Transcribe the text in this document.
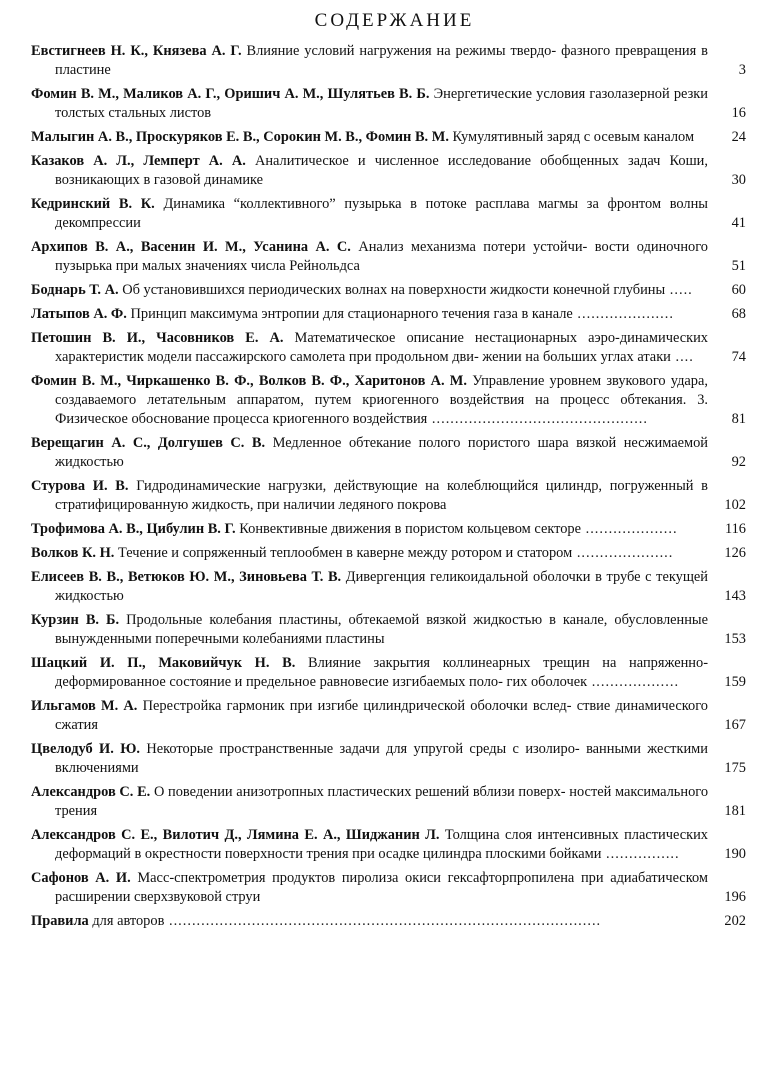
СОДЕРЖАНИЕ
Евстигнеев Н. К., Князева А. Г. Влияние условий нагружения на режимы твердо- фазного превращения в пластине	3
Фомин В. М., Маликов А. Г., Оришич А. М., Шулятьев В. Б. Энергетические условия газолазерной резки толстых стальных листов	16
Малыгин А. В., Проскуряков Е. В., Сорокин М. В., Фомин В. М. Кумулятивный заряд с осевым каналом	24
Казаков А. Л., Лемперт А. А. Аналитическое и численное исследование обобщенных задач Коши, возникающих в газовой динамике	30
Кедринский В. К. Динамика “коллективного” пузырька в потоке расплава магмы за фронтом волны декомпрессии	41
Архипов В. А., Васенин И. М., Усанина А. С. Анализ механизма потери устойчи- вости одиночного пузырька при малых значениях числа Рейнольдса	51
Боднарь Т. А. Об установившихся периодических волнах на поверхности жидкости конечной глубины .....	60
Латыпов А. Ф. Принцип максимума энтропии для стационарного течения газа в канале .....................	68
Петошин В. И., Часовников Е. А. Математическое описание нестационарных аэро-динамических характеристик модели пассажирского самолета при продольном дви- жении на больших углах атаки ....	74
Фомин В. М., Чиркашенко В. Ф., Волков В. Ф., Харитонов А. М. Управление уровнем звукового удара, создаваемого летательным аппаратом, путем криогенного воздействия на процесс обтекания. 3. Физическое обоснование процесса криогенного воздействия ...............................................	81
Верещагин А. С., Долгушев С. В. Медленное обтекание полого пористого шара вязкой несжимаемой жидкостью	92
Стурова И. В. Гидродинамические нагрузки, действующие на колеблющийся цилиндр, погруженный в стратифицированную жидкость, при наличии ледяного покрова	102
Трофимова А. В., Цибулин В. Г. Конвективные движения в пористом кольцевом секторе ....................	116
Волков К. Н. Течение и сопряженный теплообмен в каверне между ротором и статором .....................	126
Елисеев В. В., Ветюков Ю. М., Зиновьева Т. В. Дивергенция геликоидальной оболочки в трубе с текущей жидкостью	143
Курзин В. Б. Продольные колебания пластины, обтекаемой вязкой жидкостью в канале, обусловленные вынужденными поперечными колебаниями пластины	153
Шацкий И. П., Маковийчук Н. В. Влияние закрытия коллинеарных трещин на напряженно-деформированное состояние и предельное равновесие изгибаемых поло- гих оболочек ...................	159
Ильгамов М. А. Перестройка гармоник при изгибе цилиндрической оболочки вслед- ствие динамического сжатия	167
Цвелодуб И. Ю. Некоторые пространственные задачи для упругой среды с изолиро- ванными жесткими включениями	175
Александров С. Е. О поведении анизотропных пластических решений вблизи поверх- ностей максимального трения	181
Александров С. Е., Вилотич Д., Лямина Е. А., Шиджанин Л. Толщина слоя интенсивных пластических деформаций в окрестности поверхности трения при осадке цилиндра плоскими бойками ................	190
Сафонов А. И. Масс-спектрометрия продуктов пиролиза окиси гексафторпропилена при адиабатическом расширении сверхзвуковой струи	196
Правила для авторов ..............................................................................................	202
